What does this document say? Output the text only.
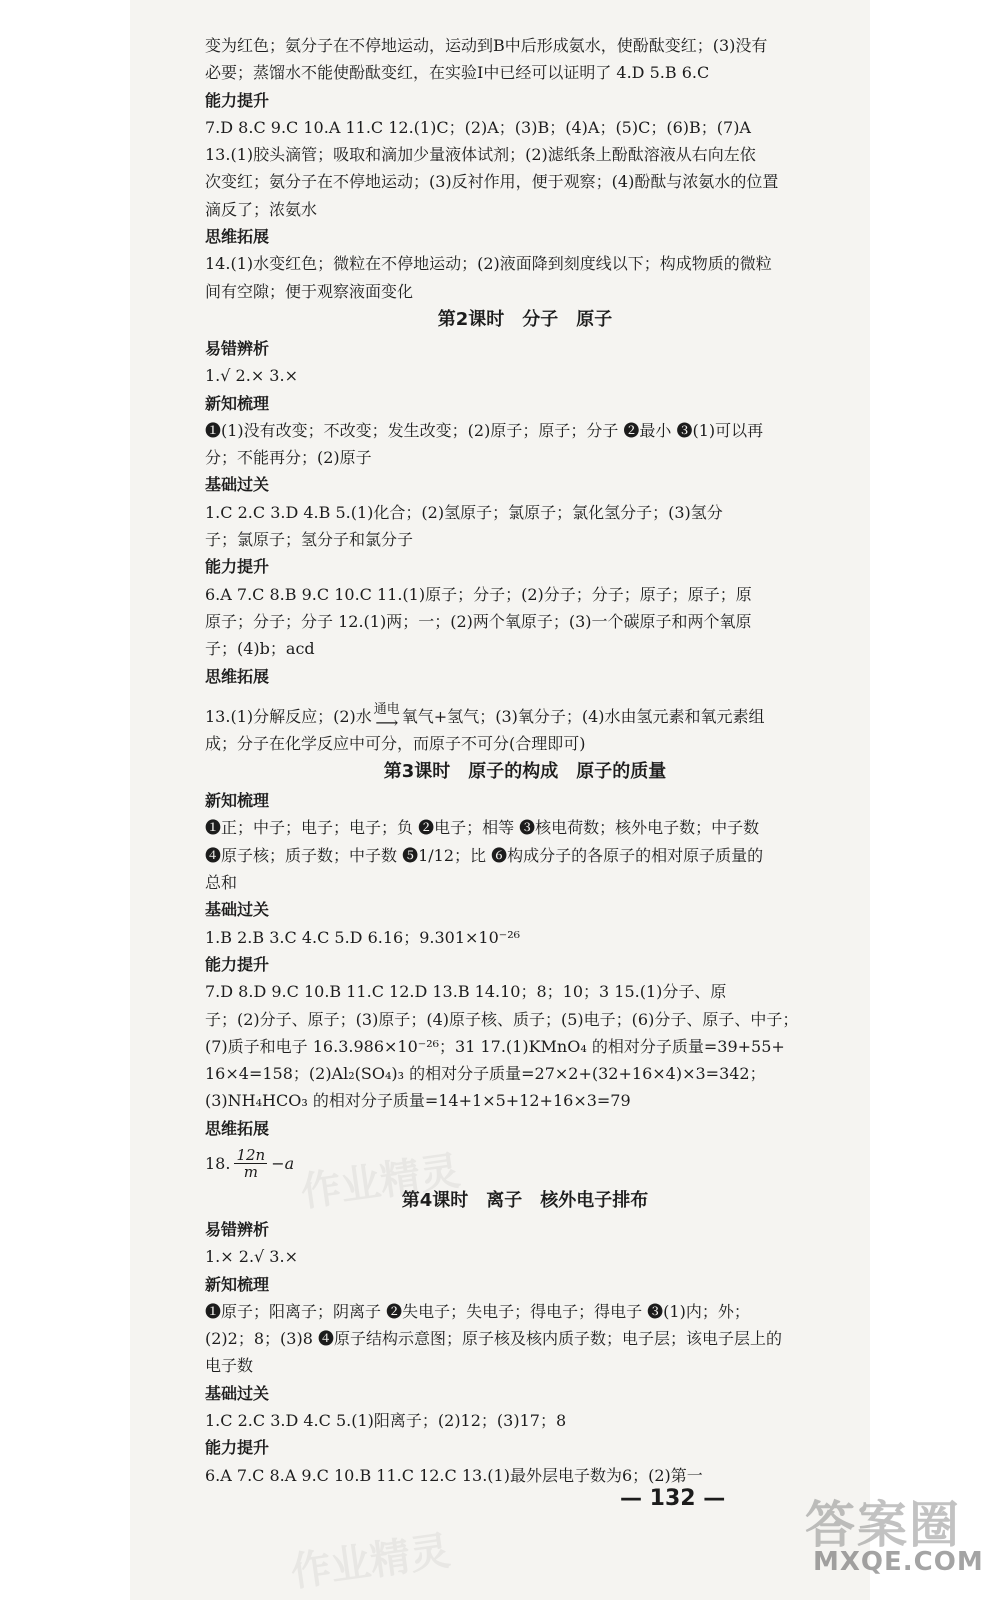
变为红色；氨分子在不停地运动，运动到B中后形成氨水，使酚酞变红；(3)没有
必要；蒸馏水不能使酚酞变红，在实验Ⅰ中已经可以证明了 4.D 5.B 6.C
能力提升
7.D 8.C 9.C 10.A 11.C 12.(1)C；(2)A；(3)B；(4)A；(5)C；(6)B；(7)A
13.(1)胶头滴管；吸取和滴加少量液体试剂；(2)滤纸条上酚酞溶液从右向左依
次变红；氨分子在不停地运动；(3)反衬作用，便于观察；(4)酚酞与浓氨水的位置
滴反了；浓氨水
思维拓展
14.(1)水变红色；微粒在不停地运动；(2)液面降到刻度线以下；构成物质的微粒
间有空隙；便于观察液面变化
第2课时　分子　原子
易错辨析
1.√ 2.× 3.×
新知梳理
❶(1)没有改变；不改变；发生改变；(2)原子；原子；分子 ❷最小 ❸(1)可以再
分；不能再分；(2)原子
基础过关
1.C 2.C 3.D 4.B 5.(1)化合；(2)氢原子；氯原子；氯化氢分子；(3)氢分
子；氯原子；氢分子和氯分子
能力提升
6.A 7.C 8.B 9.C 10.C 11.(1)原子；分子；(2)分子；分子；原子；原子；原
原子；分子；分子 12.(1)两；一；(2)两个氧原子；(3)一个碳原子和两个氧原
子；(4)b；acd
思维拓展
13.(1)分解反应；(2)水 通电
⟶ 氧气+氢气；(3)氧分子；(4)水由氢元素和氧元素组
成；分子在化学反应中可分，而原子不可分(合理即可)
第3课时　原子的构成　原子的质量
新知梳理
❶正；中子；电子；电子；负 ❷电子；相等 ❸核电荷数；核外电子数；中子数
❹原子核；质子数；中子数 ❺1/12；比 ❻构成分子的各原子的相对原子质量的
总和
基础过关
1.B 2.B 3.C 4.C 5.D 6.16；9.301×10⁻²⁶
能力提升
7.D 8.D 9.C 10.B 11.C 12.D 13.B 14.10；8；10；3 15.(1)分子、原
子；(2)分子、原子；(3)原子；(4)原子核、质子；(5)电子；(6)分子、原子、中子；
(7)质子和电子 16.3.986×10⁻²⁶；31 17.(1)KMnO₄ 的相对分子质量=39+55+
16×4=158；(2)Al₂(SO₄)₃ 的相对分子质量=27×2+(32+16×4)×3=342；
(3)NH₄HCO₃ 的相对分子质量=14+1×5+12+16×3=79
思维拓展
18. $\frac{12n}{m} -a$
第4课时　离子　核外电子排布
易错辨析
1.× 2.√ 3.×
新知梳理
❶原子；阳离子；阴离子 ❷失电子；失电子；得电子；得电子 ❸(1)内；外；
(2)2；8；(3)8 ❹原子结构示意图；原子核及核内质子数；电子层；该电子层上的
电子数
基础过关
1.C 2.C 3.D 4.C 5.(1)阳离子；(2)12；(3)17；8
能力提升
6.A 7.C 8.A 9.C 10.B 11.C 12.C 13.(1)最外层电子数为6；(2)第一
作业精灵
作业精灵
— 132 — 答案圈
MXQE.COM
